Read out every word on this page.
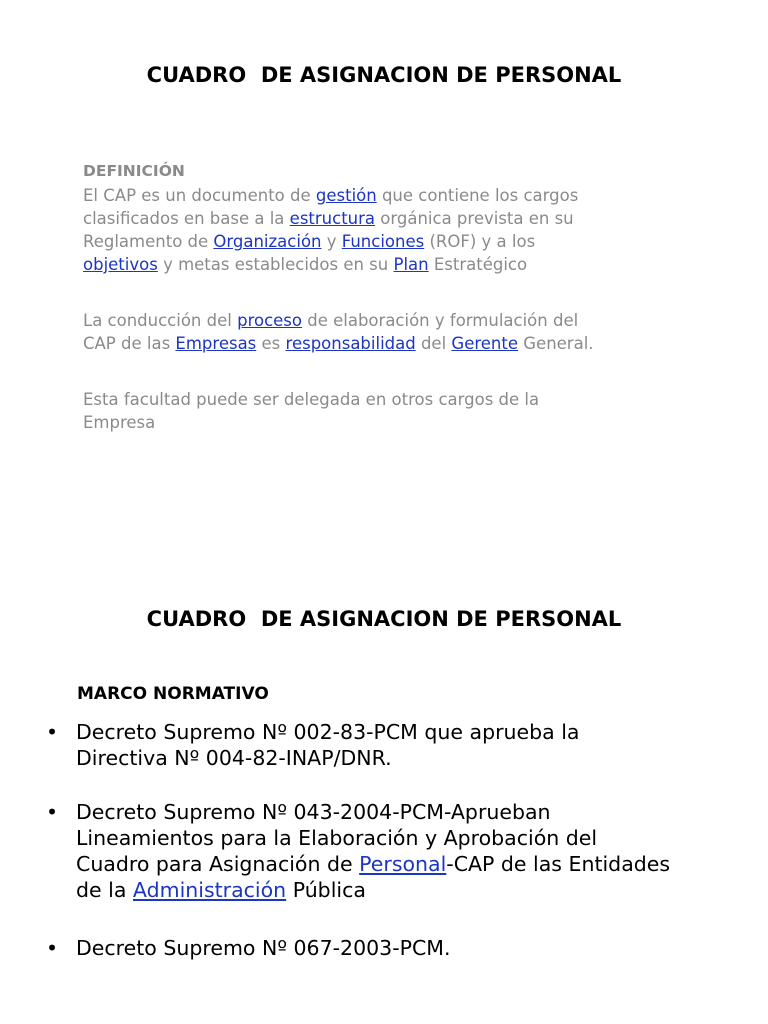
CUADRO  DE ASIGNACION DE PERSONAL
DEFINICIÓN

El CAP es un documento de gestión que contiene los cargos
clasificados en base a la estructura orgánica prevista en su
Reglamento de Organización y Funciones (ROF) y a los
objetivos y metas establecidos en su Plan Estratégico

La conducción del proceso de elaboración y formulación del
CAP de las Empresas es responsabilidad del Gerente General.

Esta facultad puede ser delegada en otros cargos de la
Empresa

CUADRO  DE ASIGNACION DE PERSONAL
MARCO NORMATIVO
• Decreto Supremo Nº 002-83-PCM que aprueba la
Directiva Nº 004-82-INAP/DNR.
• Decreto Supremo Nº 043-2004-PCM-Aprueban
Lineamientos para la Elaboración y Aprobación del
Cuadro para Asignación de Personal-CAP de las Entidades
de la Administración Pública
• Decreto Supremo Nº 067-2003-PCM.
